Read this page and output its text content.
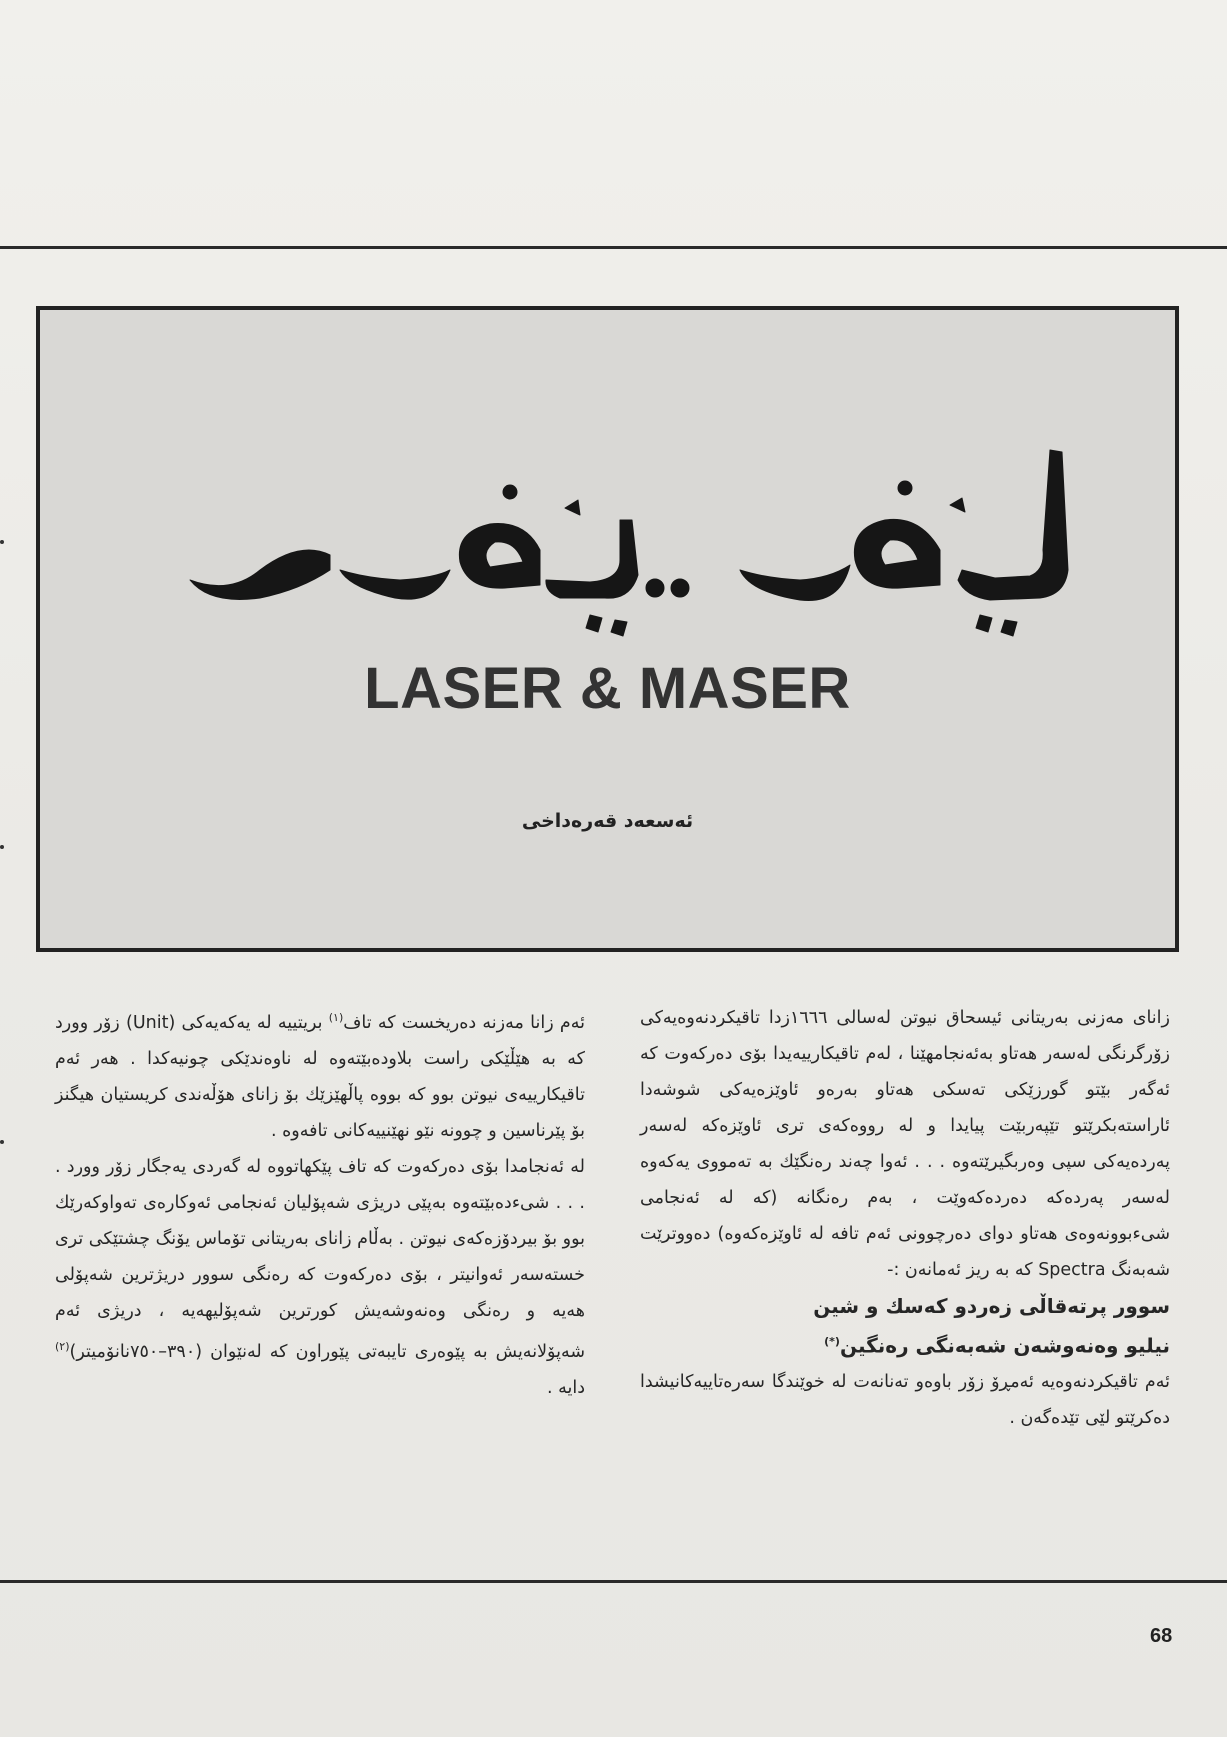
LASER & MASER
ئەسعەد قەرەداخی

زانای مەزنی بەریتانی ئیسحاق نیوتن لەسالی ١٦٦٦زدا تاقیکردنەوەیەکی زۆرگرنگی لەسەر هەتاو بەئەنجامهێنا ، لەم تاقیکارییەیدا بۆی دەرکەوت کە ئەگەر بێتو گورزێکی تەسکی هەتاو بەرەو ئاوێزەیەکی شوشەدا ئاراستەبکرێتو تێپەربێت پیایدا و لە رووەکەی تری ئاوێزەکە لەسەر پەردەیەکی سپی وەربگیرێتەوە . . . ئەوا چەند رەنگێك بە تەمووی یەکەوە لەسەر پەردەکە دەردەکەوێت ، بەم رەنگانە (کە لە ئەنجامی شیءبوونەوەی هەتاو دوای دەرچوونی ئەم تافە لە ئاوێزەکەوە) دەووترێت شەبەنگ Spectra کە بە ریز ئەمانەن :-

سوور پرتەقاڵی زەردو کەسك و شین

نیلیو وەنەوشەن شەبەنگی رەنگین(*)

ئەم تاقیکردنەوەیە ئەمڕۆ زۆر باوەو تەنانەت لە خوێندگا سەرەتاییەکانیشدا دەکرێتو لێی تێدەگەن .

ئەم زانا مەزنە دەریخست کە تاف$^{(١)}$ بریتییە لە یەکەیەکی (Unit) زۆر وورد کە بە هێڵێکی راست بلاودەبێتەوە لە ناوەندێکی چونیەکدا . هەر ئەم تاقیکارییەی نیوتن بوو کە بووە پاڵهێزێك بۆ زانای هۆڵەندی کریستیان هیگنز بۆ پێرناسین و چوونە نێو نهێنییەکانی تافەوە .

لە ئەنجامدا بۆی دەرکەوت کە تاف پێکهاتووە لە گەردی یەجگار زۆر وورد . . . . شیءدەبێتەوە بەپێی دریژی شەپۆلیان ئەنجامی ئەوکارەی تەواوکەرێك بوو بۆ بیردۆزەکەی نیوتن . بەڵام زانای بەریتانی تۆماس یۆنگ چشتێکی تری خستەسەر ئەوانیتر ، بۆی دەرکەوت کە رەنگی سوور دریژترین شەپۆلی هەیە و رەنگی وەنەوشەیش کورترین شەپۆلیهەیە ، دریژی ئەم شەپۆلانەیش بە پێوەری تایبەتی پێوراون کە لەنێوان (٣٩٠–٧٥٠نانۆمیتر)$^{(٢)}$ دایە .

68
